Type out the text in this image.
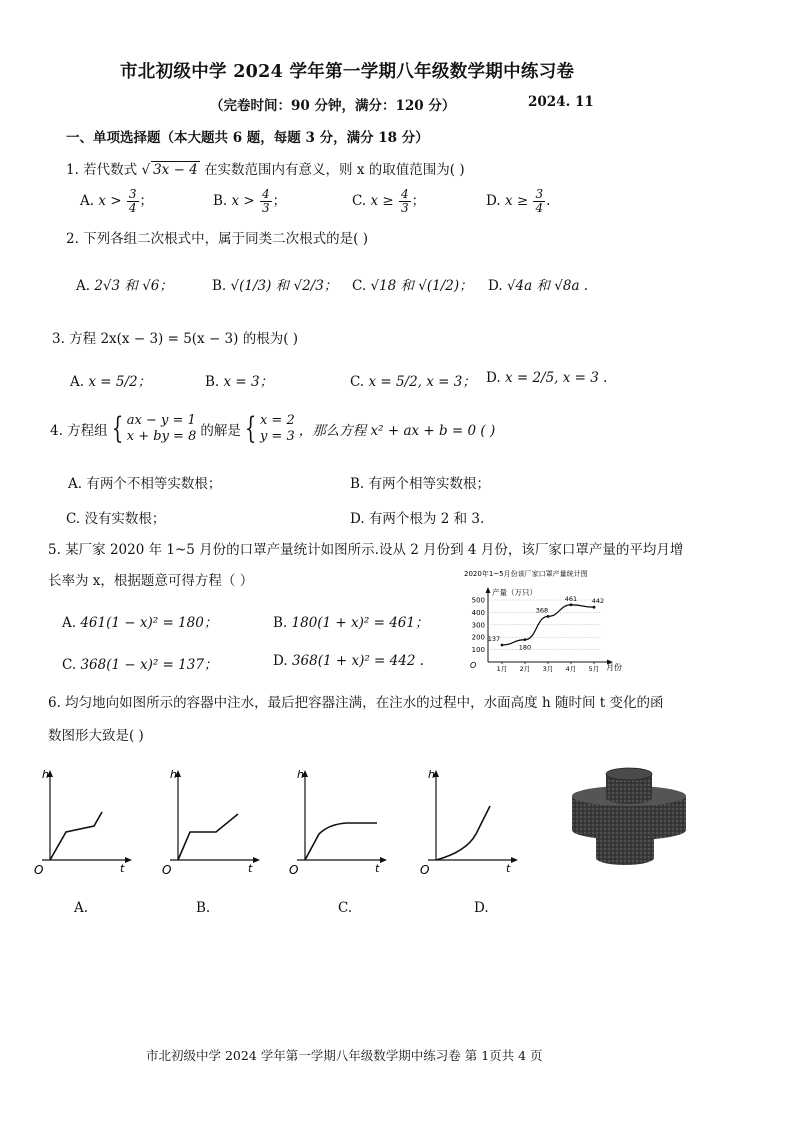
市北初级中学 2024 学年第一学期八年级数学期中练习卷
（完卷时间：90 分钟，满分：120 分）	2024. 11
一、单项选择题（本大题共 6 题，每题 3 分，满分 18 分）
1. 若代数式 √ 3x − 4 在实数范围内有意义，则 x 的取值范围为( )
A. $x > \frac{3}{4}$ ；	B. $x > \frac{4}{3}$ ；	C. $x \ge \frac{4}{3}$ ；	D. $x \ge \frac{3}{4}$ .
2. 下列各组二次根式中，属于同类二次根式的是( )
A. 2√3 和 √6；	B. √(1/3) 和 √2/3； C. √18 和 √(1/2)； D. √4a 和 √8a .
3. 方程 2x(x − 3) = 5(x − 3) 的根为( )
A. x = 5/2；	B. x = 3；	C. x = 5/2, x = 3； D. x = 2/5, x = 3 .
4. 方程组 { ax − y = 1
x + by = 8 的解是 { x = 2
y = 3 ，那么方程 x² + ax + b = 0 ( )
A. 有两个不相等实数根；	B. 有两个相等实数根；
C. 没有实数根；	D. 有两个根为 2 和 3.
5. 某厂家 2020 年 1~5 月份的口罩产量统计如图所示.设从 2 月份到 4 月份，该厂家口罩产量的平均月增
长率为 x，根据题意可得方程（ ）
A. 461(1 − x)² = 180；	B. 180(1 + x)² = 461；
C. 368(1 − x)² = 137；	D. 368(1 + x)² = 442 .
2020年1~5月份该厂家口罩产量统计图
产量（万只）
月份
O
100
200
300
400
500
1月 2月 3月 4月 5月
137
180
368
461 442
6. 均匀地向如图所示的容器中注水，最后把容器注满，在注水的过程中，水面高度 h 随时间 t 变化的函
数图形大致是( )
h
t
O
h
t
O
h
t
O
h
t
O
A.	B.	C.	D.
市北初级中学 2024 学年第一学期八年级数学期中练习卷 第 1页共 4 页
